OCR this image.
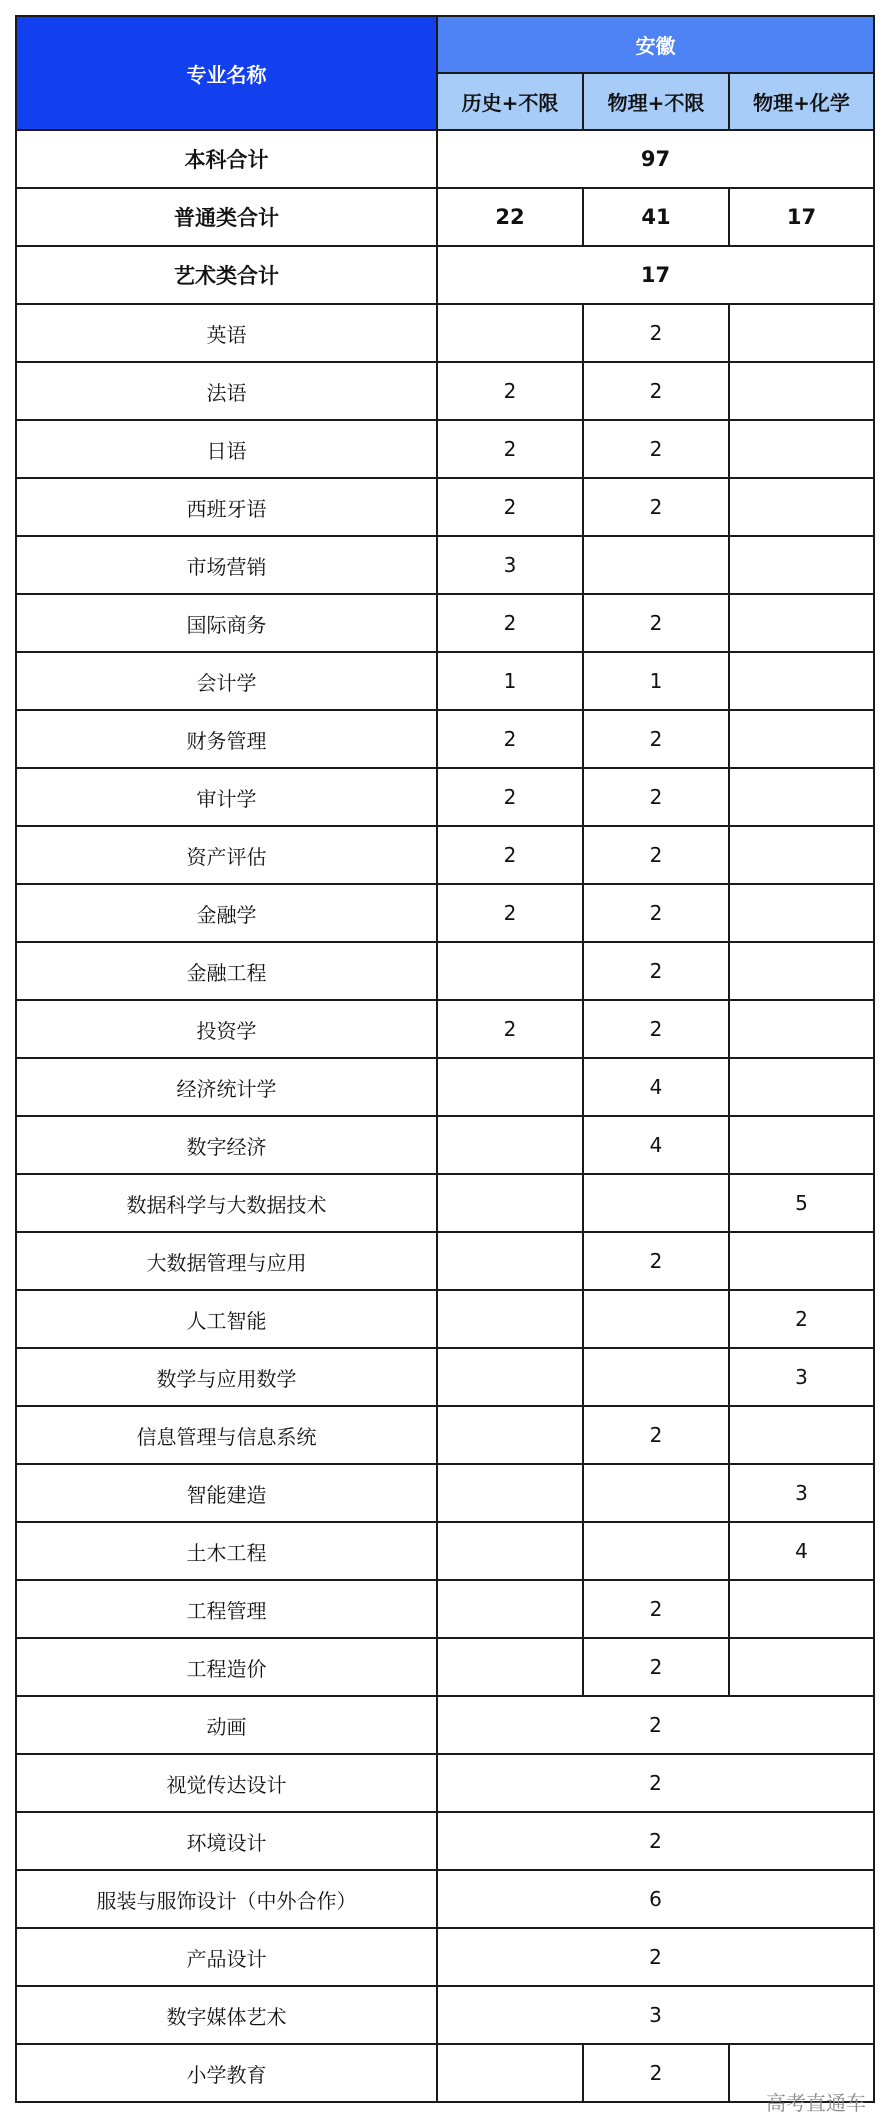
专业名称	安徽		
	历史+不限	物理+不限	物理+化学
本科合计	97		
普通类合计	22	41	17
艺术类合计	17		
英语		2	
法语	2	2	
日语	2	2	
西班牙语	2	2	
市场营销	3		
国际商务	2	2	
会计学	1	1	
财务管理	2	2	
审计学	2	2	
资产评估	2	2	
金融学	2	2	
金融工程		2	
投资学	2	2	
经济统计学		4	
数字经济		4	
数据科学与大数据技术			5
大数据管理与应用		2	
人工智能			2
数学与应用数学			3
信息管理与信息系统		2	
智能建造			3
土木工程			4
工程管理		2	
工程造价		2	
动画	2		
视觉传达设计	2		
环境设计	2		
服装与服饰设计（中外合作）	6		
产品设计	2		
数字媒体艺术	3		
小学教育		2	
高考直通车
